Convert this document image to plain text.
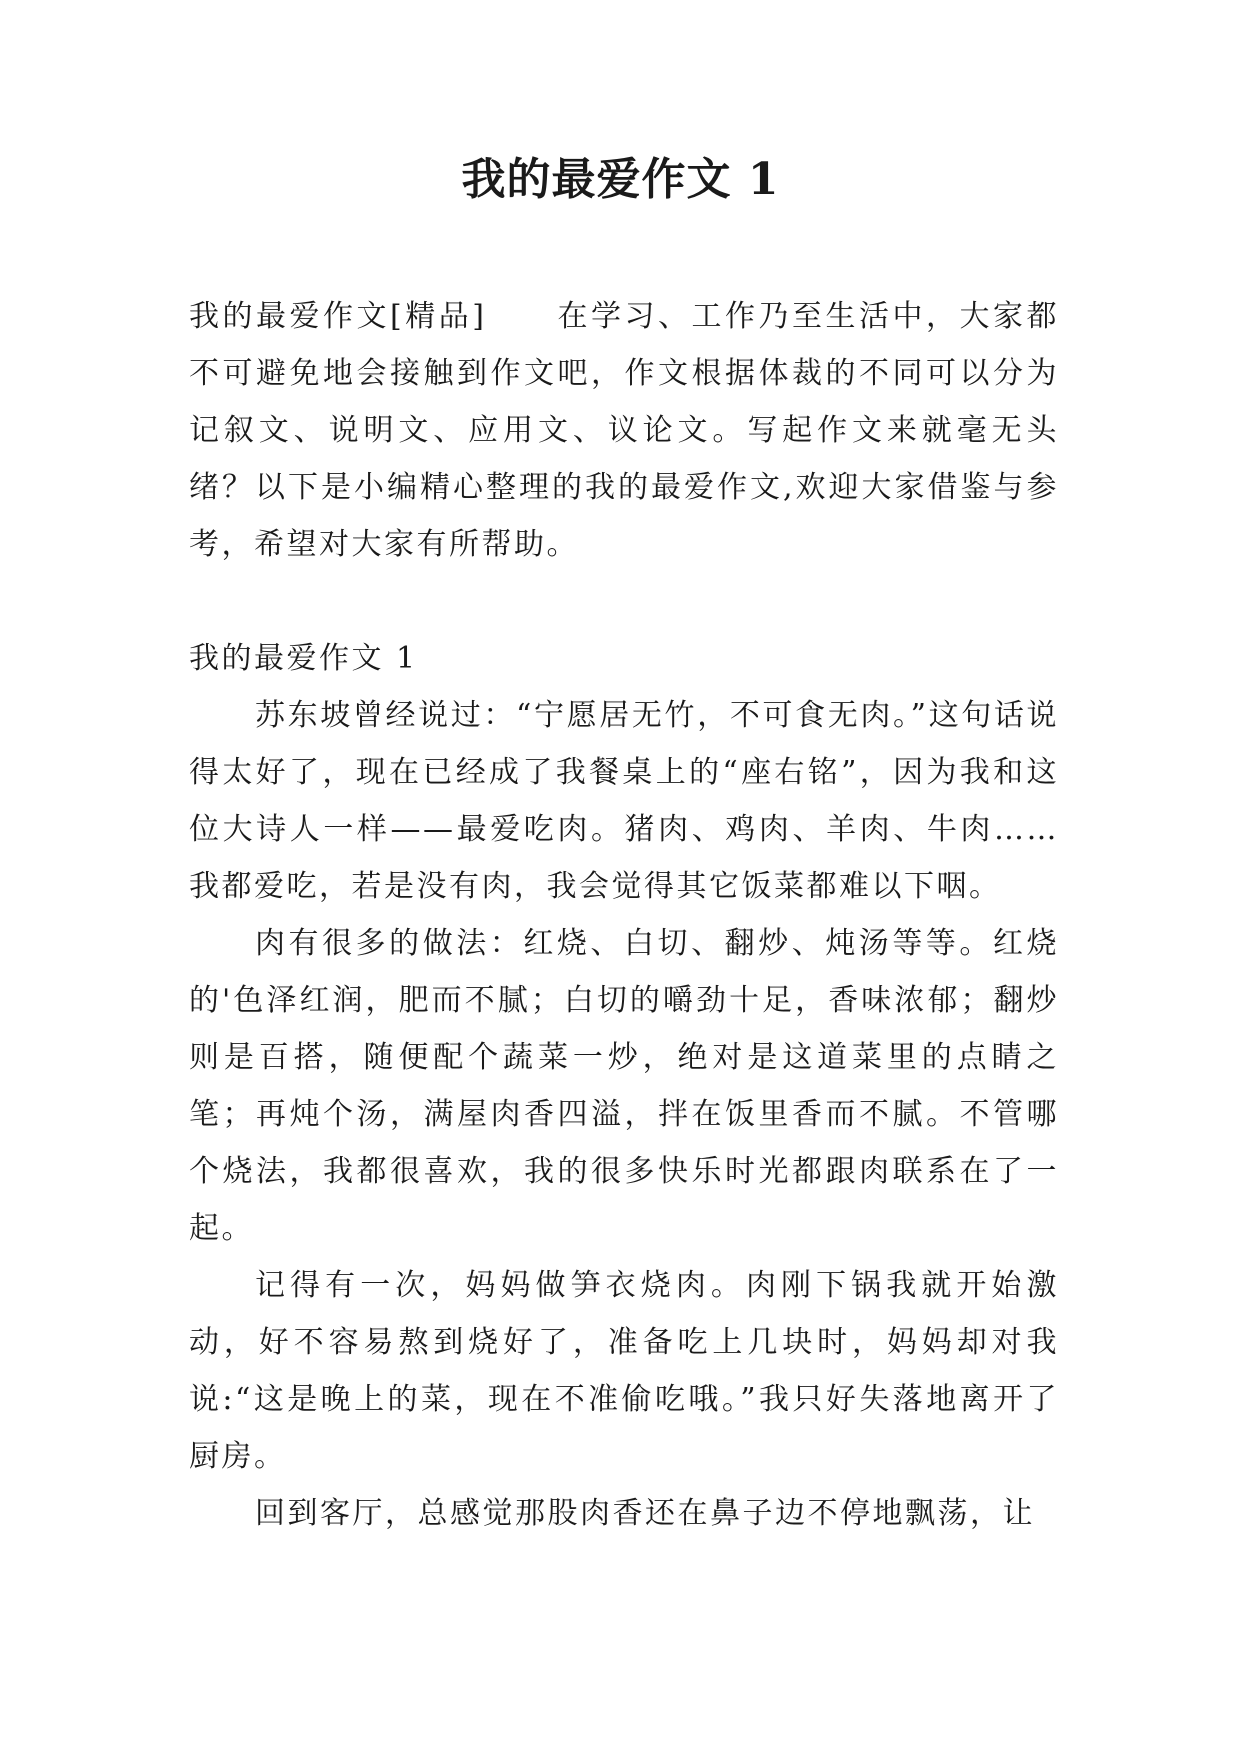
我的最爱作文 1

我的最爱作文[精品] 在学习、工作乃至生活中，大家都不可避免地会接触到作文吧，作文根据体裁的不同可以分为记叙文、说明文、应用文、议论文。写起作文来就毫无头绪？以下是小编精心整理的我的最爱作文,欢迎大家借鉴与参考，希望对大家有所帮助。

我的最爱作文 1

苏东坡曾经说过：“宁愿居无竹，不可食无肉。”这句话说得太好了，现在已经成了我餐桌上的“座右铭”，因为我和这位大诗人一样——最爱吃肉。猪肉、鸡肉、羊肉、牛肉……我都爱吃，若是没有肉，我会觉得其它饭菜都难以下咽。

肉有很多的做法：红烧、白切、翻炒、炖汤等等。红烧的'色泽红润，肥而不腻；白切的嚼劲十足，香味浓郁；翻炒则是百搭，随便配个蔬菜一炒，绝对是这道菜里的点睛之笔；再炖个汤，满屋肉香四溢，拌在饭里香而不腻。不管哪个烧法，我都很喜欢，我的很多快乐时光都跟肉联系在了一起。

记得有一次，妈妈做笋衣烧肉。肉刚下锅我就开始激动，好不容易熬到烧好了，准备吃上几块时，妈妈却对我说:“这是晚上的菜，现在不准偷吃哦。”我只好失落地离开了厨房。

回到客厅，总感觉那股肉香还在鼻子边不停地飘荡，让
